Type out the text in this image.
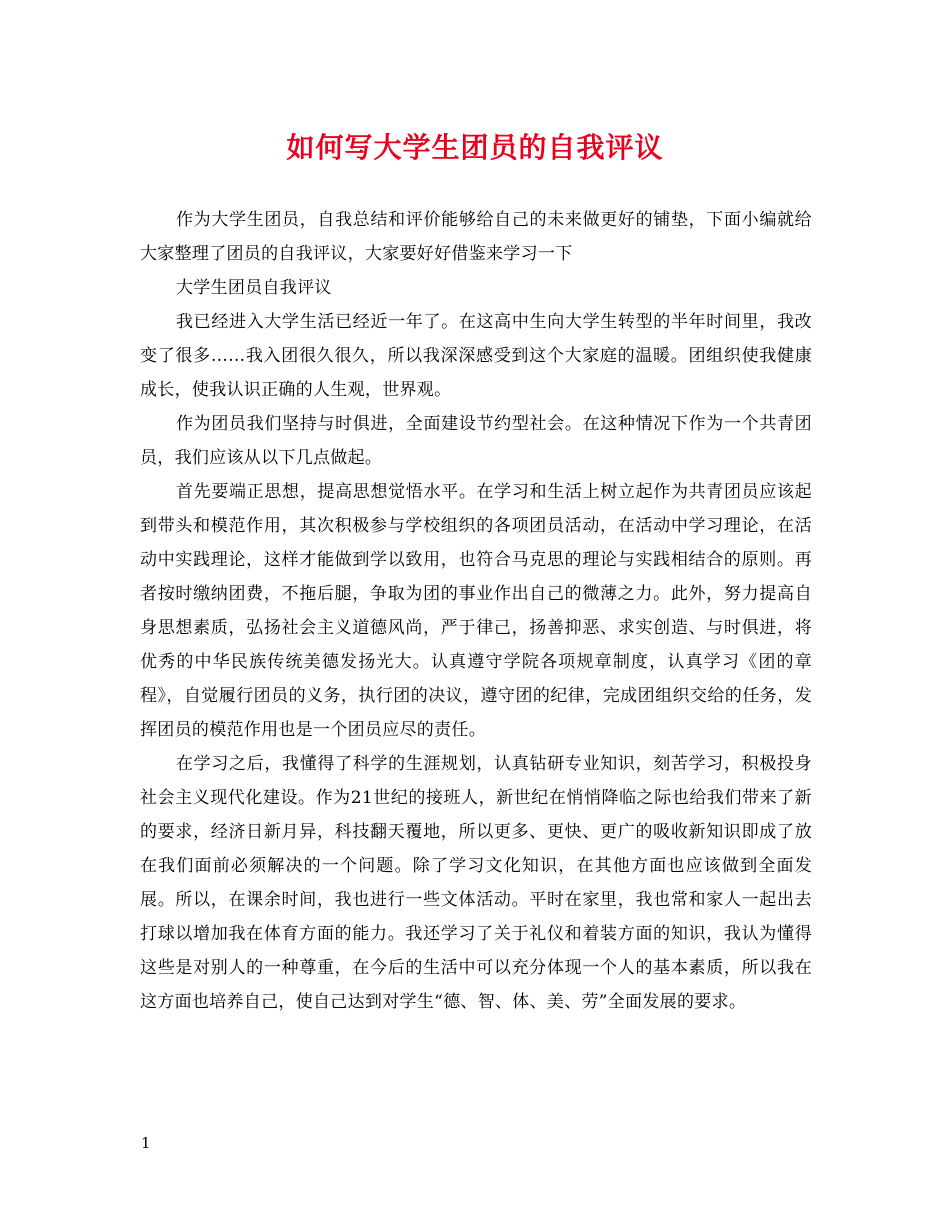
如何写大学生团员的自我评议

作为大学生团员，自我总结和评价能够给自己的未来做更好的铺垫，下面小编就给大家整理了团员的自我评议，大家要好好借鉴来学习一下

大学生团员自我评议

我已经进入大学生活已经近一年了。在这高中生向大学生转型的半年时间里，我改变了很多……我入团很久很久，所以我深深感受到这个大家庭的温暖。团组织使我健康成长，使我认识正确的人生观，世界观。

作为团员我们坚持与时俱进，全面建设节约型社会。在这种情况下作为一个共青团员，我们应该从以下几点做起。

首先要端正思想，提高思想觉悟水平。在学习和生活上树立起作为共青团员应该起到带头和模范作用，其次积极参与学校组织的各项团员活动，在活动中学习理论，在活动中实践理论，这样才能做到学以致用，也符合马克思的理论与实践相结合的原则。再者按时缴纳团费，不拖后腿，争取为团的事业作出自己的微薄之力。此外，努力提高自身思想素质，弘扬社会主义道德风尚，严于律己，扬善抑恶、求实创造、与时俱进，将优秀的中华民族传统美德发扬光大。认真遵守学院各项规章制度，认真学习《团的章程》，自觉履行团员的义务，执行团的决议，遵守团的纪律，完成团组织交给的任务，发挥团员的模范作用也是一个团员应尽的责任。

在学习之后，我懂得了科学的生涯规划，认真钻研专业知识，刻苦学习，积极投身社会主义现代化建设。作为21世纪的接班人，新世纪在悄悄降临之际也给我们带来了新的要求，经济日新月异，科技翻天覆地，所以更多、更快、更广的吸收新知识即成了放在我们面前必须解决的一个问题。除了学习文化知识，在其他方面也应该做到全面发展。所以，在课余时间，我也进行一些文体活动。平时在家里，我也常和家人一起出去打球以增加我在体育方面的能力。我还学习了关于礼仪和着装方面的知识，我认为懂得这些是对别人的一种尊重，在今后的生活中可以充分体现一个人的基本素质，所以我在这方面也培养自己，使自己达到对学生“德、智、体、美、劳”全面发展的要求。

1
